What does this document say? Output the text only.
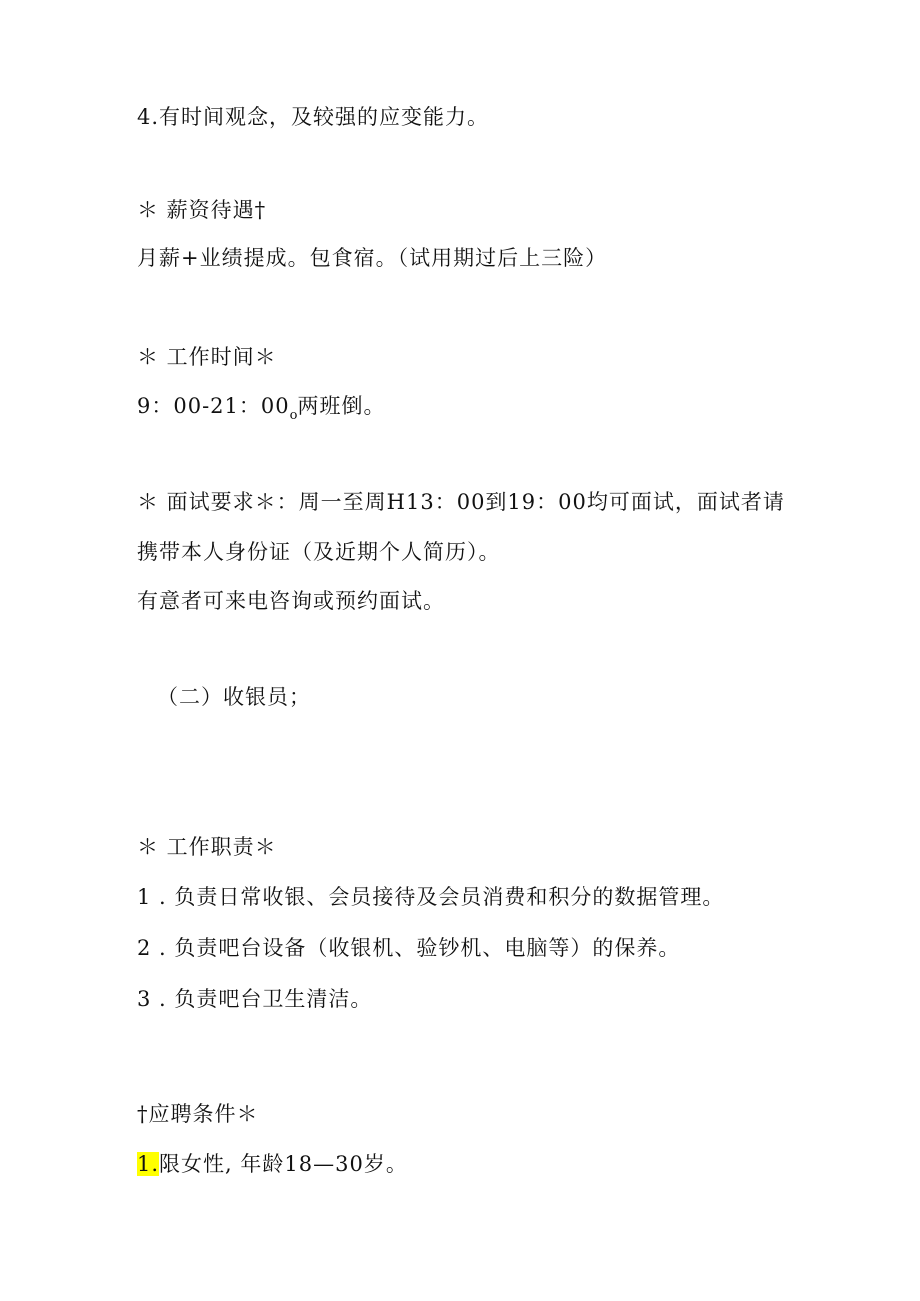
4.有时间观念，及较强的应变能力。
＊ 薪资待遇†
月薪+业绩提成。包食宿。（试用期过后上三险）
＊ 工作时间＊
9：00-21：$00_o$两班倒。
＊ 面试要求＊：周一至周H13：00到19：00均可面试，面试者请
携带本人身份证（及近期个人简历）。
有意者可来电咨询或预约面试。
（二）收银员；
＊ 工作职责＊
1 . 负责日常收银、会员接待及会员消费和积分的数据管理。
2 . 负责吧台设备（收银机、验钞机、电脑等）的保养。
3 . 负责吧台卫生清洁。
†应聘条件＊
1.限女性, 年龄18—30岁。
